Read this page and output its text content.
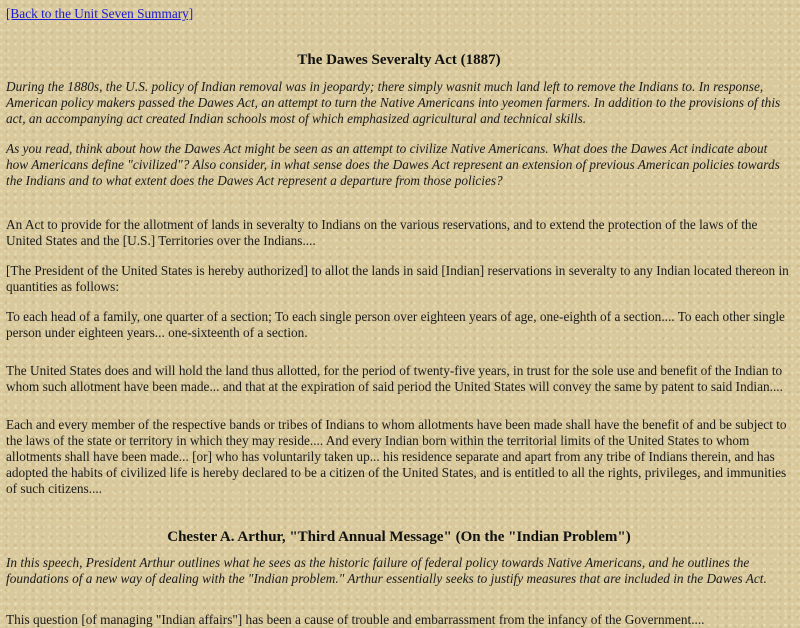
[Back to the Unit Seven Summary]
The Dawes Severalty Act (1887)

During the 1880s, the U.S. policy of Indian removal was in jeopardy; there simply wasnit much land left to remove the Indians to. In response, American policy makers passed the Dawes Act, an attempt to turn the Native Americans into yeomen farmers. In addition to the provisions of this act, an accompanying act created Indian schools most of which emphasized agricultural and technical skills.

As you read, think about how the Dawes Act might be seen as an attempt to civilize Native Americans. What does the Dawes Act indicate about how Americans define "civilized"? Also consider, in what sense does the Dawes Act represent an extension of previous American policies towards the Indians and to what extent does the Dawes Act represent a departure from those policies?

An Act to provide for the allotment of lands in severalty to Indians on the various reservations, and to extend the protection of the laws of the United States and the [U.S.] Territories over the Indians....

[The President of the United States is hereby authorized] to allot the lands in said [Indian] reservations in severalty to any Indian located thereon in quantities as follows:

To each head of a family, one quarter of a section; To each single person over eighteen years of age, one-eighth of a section.... To each other single person under eighteen years... one-sixteenth of a section.

The United States does and will hold the land thus allotted, for the period of twenty-five years, in trust for the sole use and benefit of the Indian to whom such allotment have been made... and that at the expiration of said period the United States will convey the same by patent to said Indian....

Each and every member of the respective bands or tribes of Indians to whom allotments have been made shall have the benefit of and be subject to the laws of the state or territory in which they may reside.... And every Indian born within the territorial limits of the United States to whom allotments shall have been made... [or] who has voluntarily taken up... his residence separate and apart from any tribe of Indians therein, and has adopted the habits of civilized life is hereby declared to be a citizen of the United States, and is entitled to all the rights, privileges, and immunities of such citizens....

Chester A. Arthur, "Third Annual Message" (On the "Indian Problem")

In this speech, President Arthur outlines what he sees as the historic failure of federal policy towards Native Americans, and he outlines the foundations of a new way of dealing with the "Indian problem." Arthur essentially seeks to justify measures that are included in the Dawes Act.

This question [of managing "Indian affairs"] has been a cause of trouble and embarrassment from the infancy of the Government....
